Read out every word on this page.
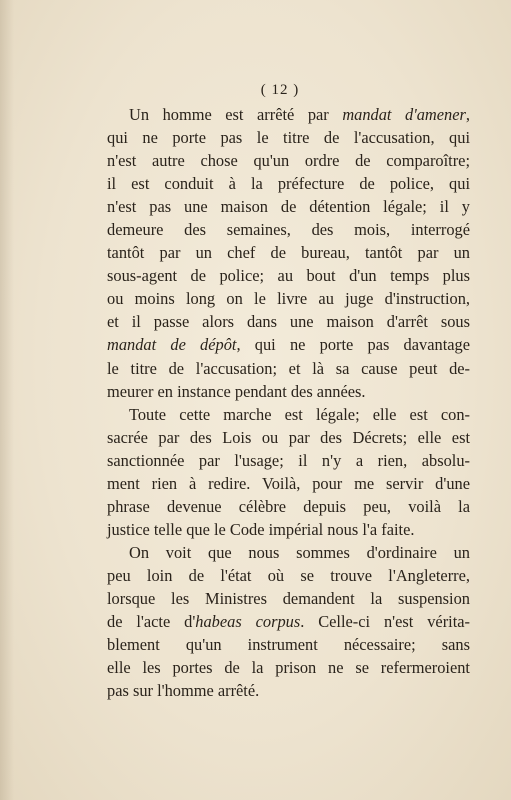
( 12 )
Un homme est arrêté par mandat d'amener,
qui ne porte pas le titre de l'accusation, qui
n'est autre chose qu'un ordre de comparoître;
il est conduit à la préfecture de police, qui
n'est pas une maison de détention légale; il y
demeure des semaines, des mois, interrogé
tantôt par un chef de bureau, tantôt par un
sous-agent de police; au bout d'un temps plus
ou moins long on le livre au juge d'instruction,
et il passe alors dans une maison d'arrêt sous
mandat de dépôt, qui ne porte pas davantage
le titre de l'accusation; et là sa cause peut de-
meurer en instance pendant des années.
Toute cette marche est légale; elle est con-
sacrée par des Lois ou par des Décrets; elle est
sanctionnée par l'usage; il n'y a rien, absolu-
ment rien à redire. Voilà, pour me servir d'une
phrase devenue célèbre depuis peu, voilà la
justice telle que le Code impérial nous l'a faite.
On voit que nous sommes d'ordinaire un
peu loin de l'état où se trouve l'Angleterre,
lorsque les Ministres demandent la suspension
de l'acte d'habeas corpus. Celle-ci n'est vérita-
blement qu'un instrument nécessaire; sans
elle les portes de la prison ne se refermeroient
pas sur l'homme arrêté.
